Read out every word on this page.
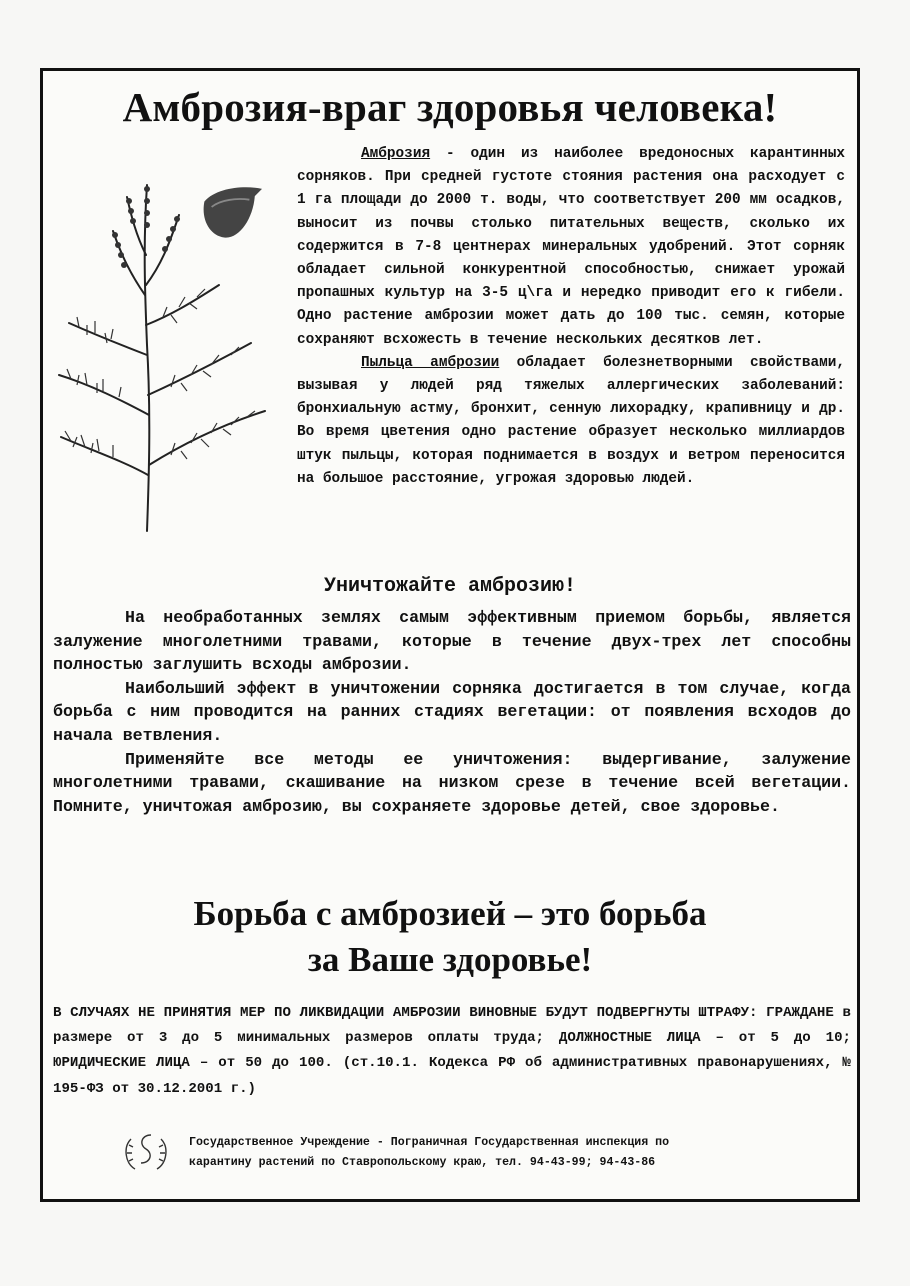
Амброзия-враг здоровья человека!

Амброзия - один из наиболее вредоносных карантинных сорняков. При средней густоте стояния растения она расходует с 1 га площади до 2000 т. воды, что соответствует 200 мм осадков, выносит из почвы столько питательных веществ, сколько их содержится в 7-8 центнерах минеральных удобрений. Этот сорняк обладает сильной конкурентной способностью, снижает урожай пропашных культур на 3-5 ц\га и нередко приводит его к гибели. Одно растение амброзии может дать до 100 тыс. семян, которые сохраняют всхожесть в течение нескольких десятков лет.

Пыльца амброзии обладает болезнетворными свойствами, вызывая у людей ряд тяжелых аллергических заболеваний: бронхиальную астму, бронхит, сенную лихорадку, крапивницу и др. Во время цветения одно растение образует несколько миллиардов штук пыльцы, которая поднимается в воздух и ветром переносится на большое расстояние, угрожая здоровью людей.

Уничтожайте амброзию!

На необработанных землях самым эффективным приемом борьбы, является залужение многолетними травами, которые в течение двух-трех лет способны полностью заглушить всходы амброзии.

Наибольший эффект в уничтожении сорняка достигается в том случае, когда борьба с ним проводится на ранних стадиях вегетации: от появления всходов до начала ветвления.

Применяйте все методы ее уничтожения: выдергивание, залужение многолетними травами, скашивание на низком срезе в течение всей вегетации. Помните, уничтожая амброзию, вы сохраняете здоровье детей, свое здоровье.

Борьба с амброзией – это борьба
за Ваше здоровье!

В СЛУЧАЯХ НЕ ПРИНЯТИЯ МЕР ПО ЛИКВИДАЦИИ АМБРОЗИИ ВИНОВНЫЕ БУДУТ ПОДВЕРГНУТЫ ШТРАФУ: ГРАЖДАНЕ в размере от 3 до 5 минимальных размеров оплаты труда; ДОЛЖНОСТНЫЕ ЛИЦА – от 5 до 10; ЮРИДИЧЕСКИЕ ЛИЦА – от 50 до 100. (ст.10.1. Кодекса РФ об административных правонарушениях, № 195-ФЗ от 30.12.2001 г.)

Государственное Учреждение - Пограничная Государственная инспекция по
карантину растений по Ставропольскому краю, тел. 94-43-99; 94-43-86
